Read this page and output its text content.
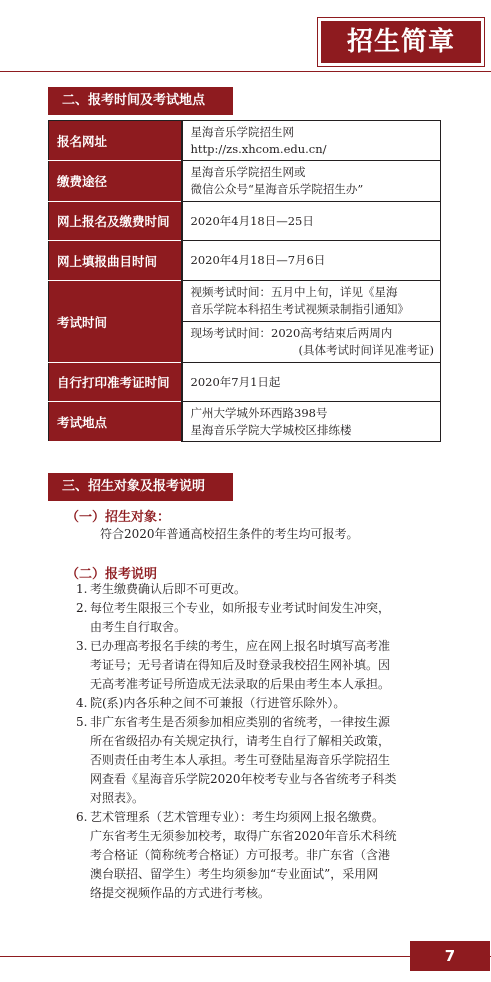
招生简章
二、报考时间及考试地点
报名网址	星海音乐学院招生网
http://zs.xhcom.edu.cn/

缴费途径	星海音乐学院招生网或
微信公众号“星海音乐学院招生办”

网上报名及缴费时间	2020年4月18日—25日

网上填报曲目时间	2020年4月18日—7月6日

考试时间	视频考试时间：五月中上旬，详见《星海
音乐学院本科招生考试视频录制指引通知》
现场考试时间：2020高考结束后两周内
(具体考试时间详见准考证)

自行打印准考证时间	2020年7月1日起

考试地点	广州大学城外环西路398号
星海音乐学院大学城校区排练楼
三、招生对象及报考说明
（一）招生对象：
符合2020年普通高校招生条件的考生均可报考。
（二）报考说明
1. 考生缴费确认后即不可更改。
2. 每位考生限报三个专业，如所报专业考试时间发生冲突，
由考生自行取舍。
3. 已办理高考报名手续的考生，应在网上报名时填写高考准
考证号；无号者请在得知后及时登录我校招生网补填。因
无高考准考证号所造成无法录取的后果由考生本人承担。
4. 院(系)内各乐种之间不可兼报（行进管乐除外）。
5. 非广东省考生是否须参加相应类别的省统考，一律按生源
所在省级招办有关规定执行，请考生自行了解相关政策，
否则责任由考生本人承担。考生可登陆星海音乐学院招生
网查看《星海音乐学院2020年校考专业与各省统考子科类
对照表》。
6. 艺术管理系（艺术管理专业）：考生均须网上报名缴费。
广东省考生无须参加校考，取得广东省2020年音乐术科统
考合格证（简称统考合格证）方可报考。非广东省（含港
澳台联招、留学生）考生均须参加“专业面试”，采用网
络提交视频作品的方式进行考核。
7
